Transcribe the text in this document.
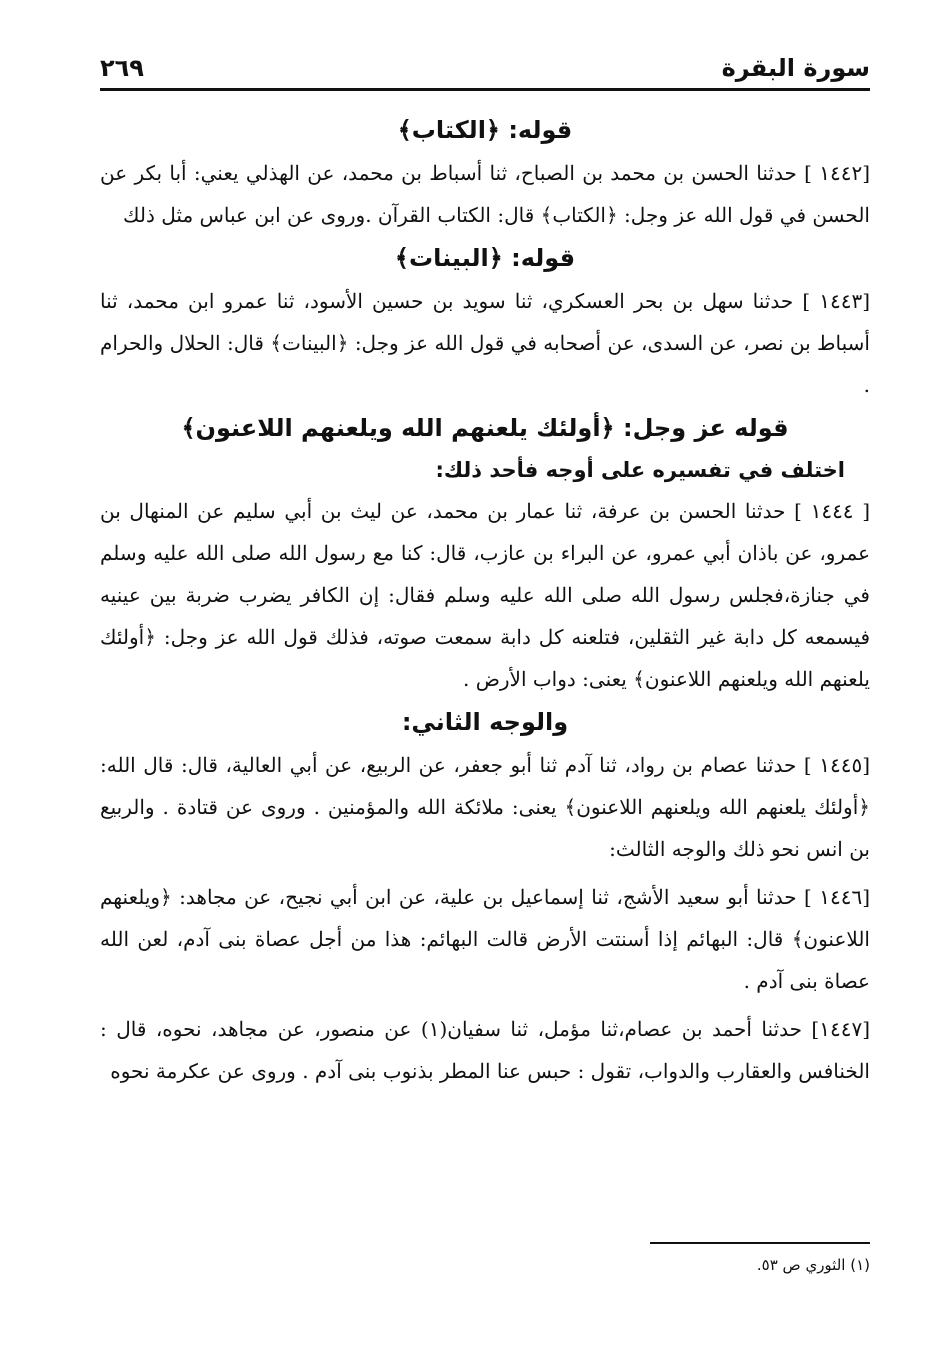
سورة البقرة
٢٦٩
قوله: ﴿الكتاب﴾

[١٤٤٢ ] حدثنا الحسن بن محمد بن الصباح، ثنا أسباط بن محمد، عن الهذلي يعني: أبا بكر عن الحسن في قول الله عز وجل: ﴿الكتاب﴾ قال: الكتاب القرآن .وروى عن ابن عباس مثل ذلك

قوله: ﴿البينات﴾

[١٤٤٣ ] حدثنا سهل بن بحر العسكري، ثنا سويد بن حسين الأسود، ثنا عمرو ابن محمد، ثنا أسباط بن نصر، عن السدى، عن أصحابه في قول الله عز وجل: ﴿البينات﴾ قال: الحلال والحرام .

قوله عز وجل: ﴿أولئك يلعنهم الله ويلعنهم اللاعنون﴾
اختلف في تفسيره على أوجه فأحد ذلك:

[ ١٤٤٤ ] حدثنا الحسن بن عرفة، ثنا عمار بن محمد، عن ليث بن أبي سليم عن المنهال بن عمرو، عن باذان أبي عمرو، عن البراء بن عازب، قال: كنا مع رسول الله صلى الله عليه وسلم في جنازة،فجلس رسول الله صلى الله عليه وسلم فقال: إن الكافر يضرب ضربة بين عينيه فيسمعه كل دابة غير الثقلين، فتلعنه كل دابة سمعت صوته، فذلك قول الله عز وجل: ﴿أولئك يلعنهم الله ويلعنهم اللاعنون﴾ يعنى: دواب الأرض .

والوجه الثاني:

[١٤٤٥ ] حدثنا عصام بن رواد، ثنا آدم ثنا أبو جعفر، عن الربيع، عن أبي العالية، قال: قال الله: ﴿أولئك يلعنهم الله ويلعنهم اللاعنون﴾ يعنى: ملائكة الله والمؤمنين . وروى عن قتادة . والربيع بن انس نحو ذلك والوجه الثالث:

[١٤٤٦ ] حدثنا أبو سعيد الأشج، ثنا إسماعيل بن علية، عن ابن أبي نجيح، عن مجاهد: ﴿ويلعنهم اللاعنون﴾ قال: البهائم إذا أسنتت الأرض قالت البهائم: هذا من أجل عصاة بنى آدم، لعن الله عصاة بنى آدم .

[١٤٤٧] حدثنا أحمد بن عصام،ثنا مؤمل، ثنا سفيان(١) عن منصور، عن مجاهد، نحوه، قال : الخنافس والعقارب والدواب، تقول : حبس عنا المطر بذنوب بنى آدم . وروى عن عكرمة نحوه

(١) الثوري ص ٥٣.
